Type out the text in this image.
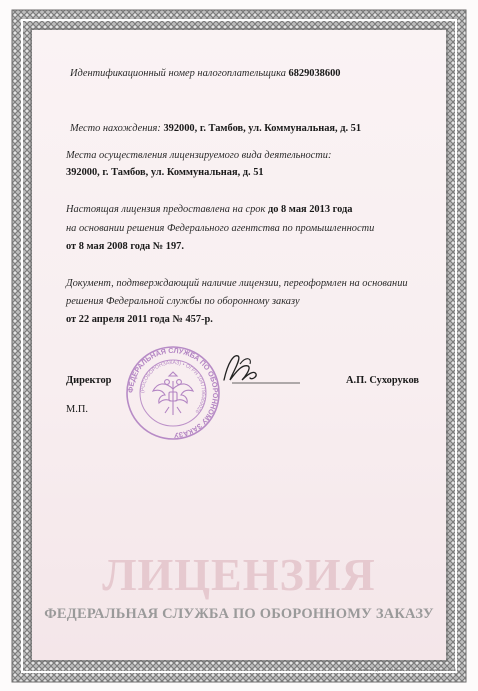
ЛИЦЕНЗИЯ
ФЕДЕРАЛЬНАЯ СЛУЖБА ПО ОБОРОННОМУ ЗАКАЗУ
Идентификационный номер налогоплательщика 6829038600
Место нахождения: 392000, г. Тамбов, ул. Коммунальная, д. 51
Места осуществления лицензируемого вида деятельности:
392000, г. Тамбов, ул. Коммунальная, д. 51
Настоящая лицензия предоставлена на срок до 8 мая 2013 года
на основании решения Федерального агентства по промышленности
от 8 мая 2008 года № 197.
Документ, подтверждающий наличие лицензии, переоформлен на основании
решения Федеральной службы по оборонному заказу
от 22 апреля 2011 года № 457-р.
ФЕДЕРАЛЬНАЯ СЛУЖБА ПО ОБОРОННОМУ ЗАКАЗУ
(РОСОБОРОНЗАКАЗ) • ОГРН 1047796469026
Директор
М.П.
А.П. Сухоруков
ЗАО "Компания Дане" г. Москва, 2010 г. «Б» Лицензия № 46
